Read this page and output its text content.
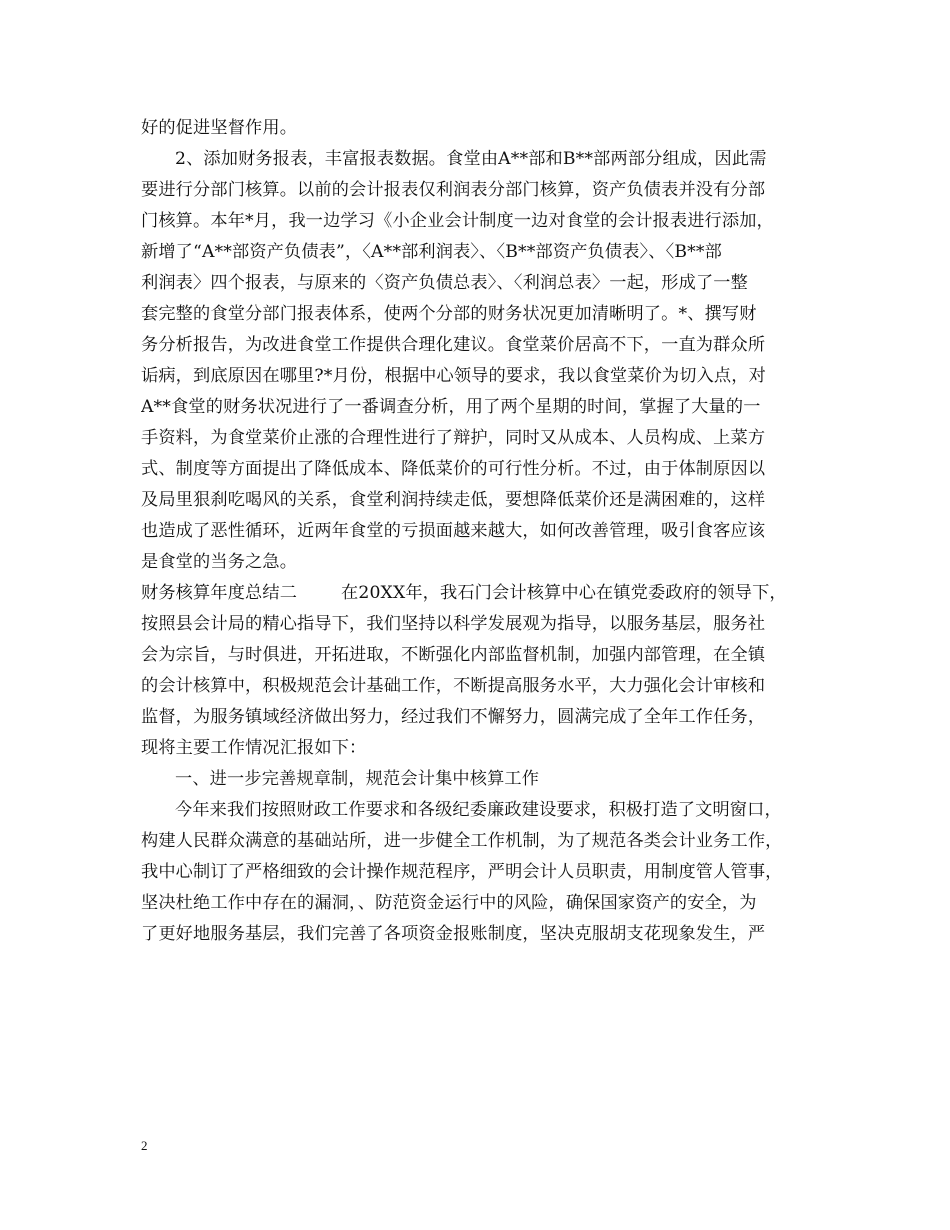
好的促进坚督作用。
2、添加财务报表，丰富报表数据。食堂由A**部和B**部两部分组成，因此需
要进行分部门核算。以前的会计报表仅利润表分部门核算，资产负债表并没有分部
门核算。本年*月，我一边学习《小企业会计制度一边对食堂的会计报表进行添加，
新增了“A**部资产负债表”，〈A**部利润表〉、〈B**部资产负债表〉、〈B**部
利润表〉四个报表，与原来的〈资产负债总表〉、〈利润总表〉一起，形成了一整
套完整的食堂分部门报表体系，使两个分部的财务状况更加清晰明了。*、撰写财
务分析报告，为改进食堂工作提供合理化建议。食堂菜价居高不下，一直为群众所
诟病，到底原因在哪里?*月份，根据中心领导的要求，我以食堂菜价为切入点，对
A**食堂的财务状况进行了一番调查分析，用了两个星期的时间，掌握了大量的一
手资料，为食堂菜价止涨的合理性进行了辩护，同时又从成本、人员构成、上菜方
式、制度等方面提出了降低成本、降低菜价的可行性分析。不过，由于体制原因以
及局里狠刹吃喝风的关系，食堂利润持续走低，要想降低菜价还是满困难的，这样
也造成了恶性循环，近两年食堂的亏损面越来越大，如何改善管理，吸引食客应该
是食堂的当务之急。
财务核算年度总结二	在20XX年，我石门会计核算中心在镇党委政府的领导下，
按照县会计局的精心指导下，我们坚持以科学发展观为指导，以服务基层，服务社
会为宗旨，与时俱进，开拓进取，不断强化内部监督机制，加强内部管理，在全镇
的会计核算中，积极规范会计基础工作，不断提高服务水平，大力强化会计审核和
监督，为服务镇域经济做出努力，经过我们不懈努力，圆满完成了全年工作任务，
现将主要工作情况汇报如下：
一、进一步完善规章制，规范会计集中核算工作
今年来我们按照财政工作要求和各级纪委廉政建设要求，积极打造了文明窗口，
构建人民群众满意的基础站所，进一步健全工作机制，为了规范各类会计业务工作，
我中心制订了严格细致的会计操作规范程序，严明会计人员职责，用制度管人管事，
坚决杜绝工作中存在的漏洞，、防范资金运行中的风险，确保国家资产的安全，为
了更好地服务基层，我们完善了各项资金报账制度，坚决克服胡支花现象发生，严
2
